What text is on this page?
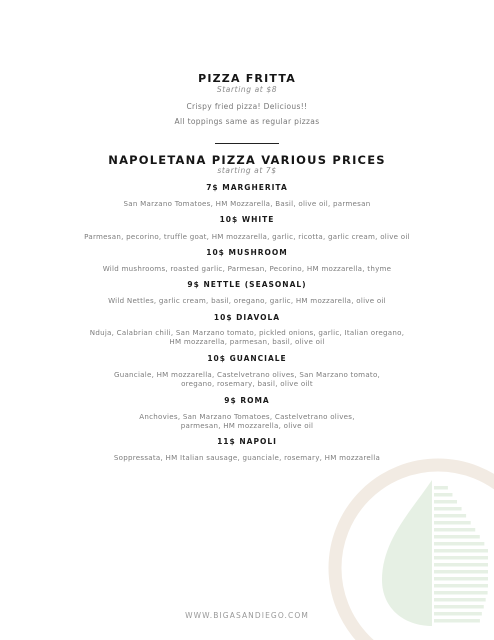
PIZZA FRITTA
Starting at $8
Crispy fried pizza! Delicious!!
All toppings same as regular pizzas
NAPOLETANA PIZZA VARIOUS PRICES
starting at 7$
7$ MARGHERITA
San Marzano Tomatoes, HM Mozzarella, Basil, olive oil, parmesan
10$ WHITE
Parmesan, pecorino, truffle goat, HM mozzarella, garlic, ricotta, garlic cream, olive oil
10$ MUSHROOM
Wild mushrooms, roasted garlic, Parmesan, Pecorino, HM mozzarella, thyme
9$ NETTLE (SEASONAL)
Wild Nettles, garlic cream, basil, oregano, garlic, HM mozzarella, olive oil
10$ DIAVOLA
Nduja, Calabrian chili, San Marzano tomato, pickled onions, garlic, Italian oregano,
HM mozzarella, parmesan, basil, olive oil
10$ GUANCIALE
Guanciale, HM mozzarella, Castelvetrano olives, San Marzano tomato,
oregano, rosemary, basil, olive oilt
9$ ROMA
Anchovies, San Marzano Tomatoes, Castelvetrano olives,
parmesan, HM mozzarella, olive oil
11$ NAPOLI
Soppressata, HM Italian sausage, guanciale, rosemary, HM mozzarella
WWW.BIGASANDIEGO.COM
